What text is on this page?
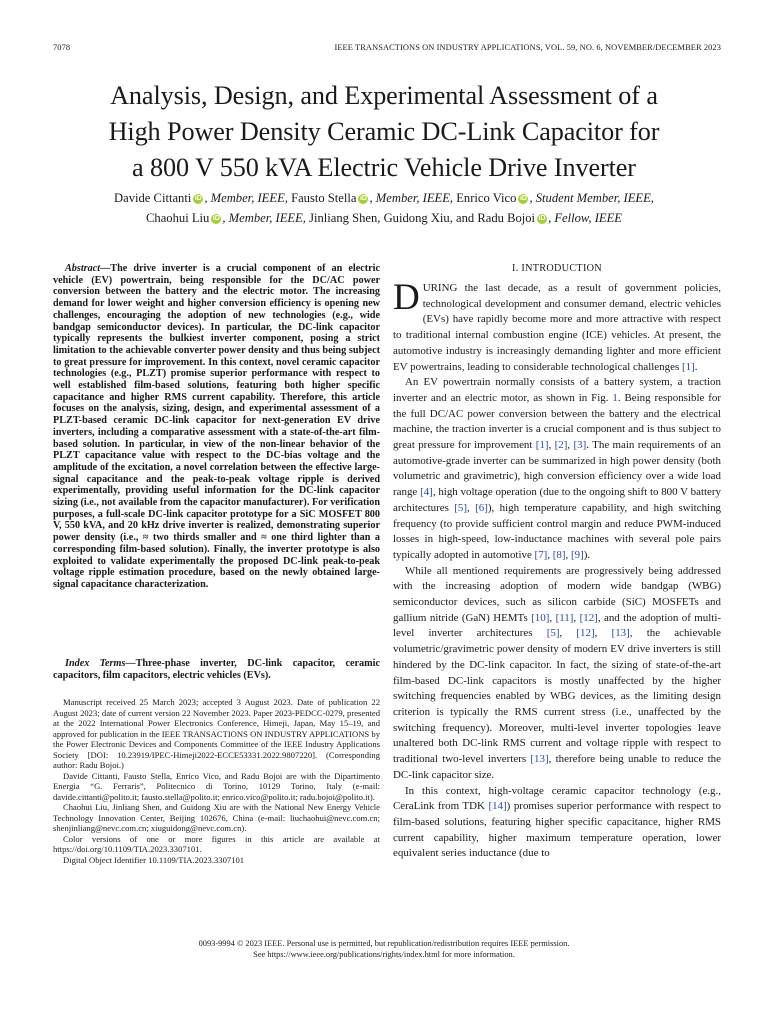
7078	IEEE TRANSACTIONS ON INDUSTRY APPLICATIONS, VOL. 59, NO. 6, NOVEMBER/DECEMBER 2023
Analysis, Design, and Experimental Assessment of a
High Power Density Ceramic DC-Link Capacitor for
a 800 V 550 kVA Electric Vehicle Drive Inverter
Davide Cittanti iD , Member, IEEE, Fausto Stella iD , Member, IEEE, Enrico Vico iD , Student Member, IEEE,
Chaohui Liu iD , Member, IEEE, Jinliang Shen, Guidong Xiu, and Radu Bojoi iD , Fellow, IEEE

Abstract—The drive inverter is a crucial component of an electric vehicle (EV) powertrain, being responsible for the DC/AC power conversion between the battery and the electric motor. The increasing demand for lower weight and higher conversion efficiency is opening new challenges, encouraging the adoption of new technologies (e.g., wide bandgap semiconductor devices). In particular, the DC-link capacitor typically represents the bulkiest inverter component, posing a strict limitation to the achievable converter power density and thus being subject to great pressure for improvement. In this context, novel ceramic capacitor technologies (e.g., PLZT) promise superior performance with respect to well established film-based solutions, featuring both higher specific capacitance and higher RMS current capability. Therefore, this article focuses on the analysis, sizing, design, and experimental assessment of a PLZT-based ceramic DC-link capacitor for next-generation EV drive inverters, including a comparative assessment with a state-of-the-art film-based solution. In particular, in view of the non-linear behavior of the PLZT capacitance value with respect to the DC-bias voltage and the amplitude of the excitation, a novel correlation between the effective large-signal capacitance and the peak-to-peak voltage ripple is derived experimentally, providing useful information for the DC-link capacitor sizing (i.e., not available from the capacitor manufacturer). For verification purposes, a full-scale DC-link capacitor prototype for a SiC MOSFET 800 V, 550 kVA, and 20 kHz drive inverter is realized, demonstrating superior power density (i.e., ≈ two thirds smaller and ≈ one third lighter than a corresponding film-based solution). Finally, the inverter prototype is also exploited to validate experimentally the proposed DC-link peak-to-peak voltage ripple estimation procedure, based on the newly obtained large-signal capacitance characterization.

Index Terms—Three-phase inverter, DC-link capacitor, ceramic capacitors, film capacitors, electric vehicles (EVs).

Manuscript received 25 March 2023; accepted 3 August 2023. Date of publication 22 August 2023; date of current version 22 November 2023. Paper 2023-PEDCC-0279, presented at the 2022 International Power Electronics Conference, Himeji, Japan, May 15–19, and approved for publication in the IEEE TRANSACTIONS ON INDUSTRY APPLICATIONS by the Power Electronic Devices and Components Committee of the IEEE Industry Applications Society [DOI: 10.23919/IPEC-Himeji2022-ECCE53331.2022.9807220]. (Corresponding author: Radu Bojoi.)

Davide Cittanti, Fausto Stella, Enrico Vico, and Radu Bojoi are with the Dipartimento Energia “G. Ferraris”, Politecnico di Torino, 10129 Torino, Italy (e-mail: davide.cittanti@polito.it; fausto.stella@polito.it; enrico.vico@polito.it; radu.bojoi@polito.it).

Chaohui Liu, Jinliang Shen, and Guidong Xiu are with the National New Energy Vehicle Technology Innovation Center, Beijing 102676, China (e-mail: liuchaohui@nevc.com.cn; shenjinliang@nevc.com.cn; xiuguidong@nevc.com.cn).

Color versions of one or more figures in this article are available at https://doi.org/10.1109/TIA.2023.3307101.

Digital Object Identifier 10.1109/TIA.2023.3307101

I. INTRODUCTION

DURING the last decade, as a result of government policies, technological development and consumer demand, electric vehicles (EVs) have rapidly become more and more attractive with respect to traditional internal combustion engine (ICE) vehicles. At present, the automotive industry is increasingly demanding lighter and more efficient EV powertrains, leading to considerable technological challenges [1].

An EV powertrain normally consists of a battery system, a traction inverter and an electric motor, as shown in Fig. 1. Being responsible for the full DC/AC power conversion between the battery and the electrical machine, the traction inverter is a crucial component and is thus subject to great pressure for improvement [1], [2], [3]. The main requirements of an automotive-grade inverter can be summarized in high power density (both volumetric and gravimetric), high conversion efficiency over a wide load range [4], high voltage operation (due to the ongoing shift to 800 V battery architectures [5], [6]), high temperature capability, and high switching frequency (to provide sufficient control margin and reduce PWM-induced losses in high-speed, low-inductance machines with several pole pairs typically adopted in automotive [7], [8], [9]).

While all mentioned requirements are progressively being addressed with the increasing adoption of modern wide bandgap (WBG) semiconductor devices, such as silicon carbide (SiC) MOSFETs and gallium nitride (GaN) HEMTs [10], [11], [12], and the adoption of multi-level inverter architectures [5], [12], [13], the achievable volumetric/gravimetric power density of modern EV drive inverters is still hindered by the DC-link capacitor. In fact, the sizing of state-of-the-art film-based DC-link capacitors is mostly unaffected by the higher switching frequencies enabled by WBG devices, as the limiting design criterion is typically the RMS current stress (i.e., unaffected by the switching frequency). Moreover, multi-level inverter topologies leave unaltered both DC-link RMS current and voltage ripple with respect to traditional two-level inverters [13], therefore being unable to reduce the DC-link capacitor size.

In this context, high-voltage ceramic capacitor technology (e.g., CeraLink from TDK [14]) promises superior performance with respect to film-based solutions, featuring higher specific capacitance, higher RMS current capability, higher maximum temperature operation, lower equivalent series inductance (due to

0093-9994 © 2023 IEEE. Personal use is permitted, but republication/redistribution requires IEEE permission.
See https://www.ieee.org/publications/rights/index.html for more information.
